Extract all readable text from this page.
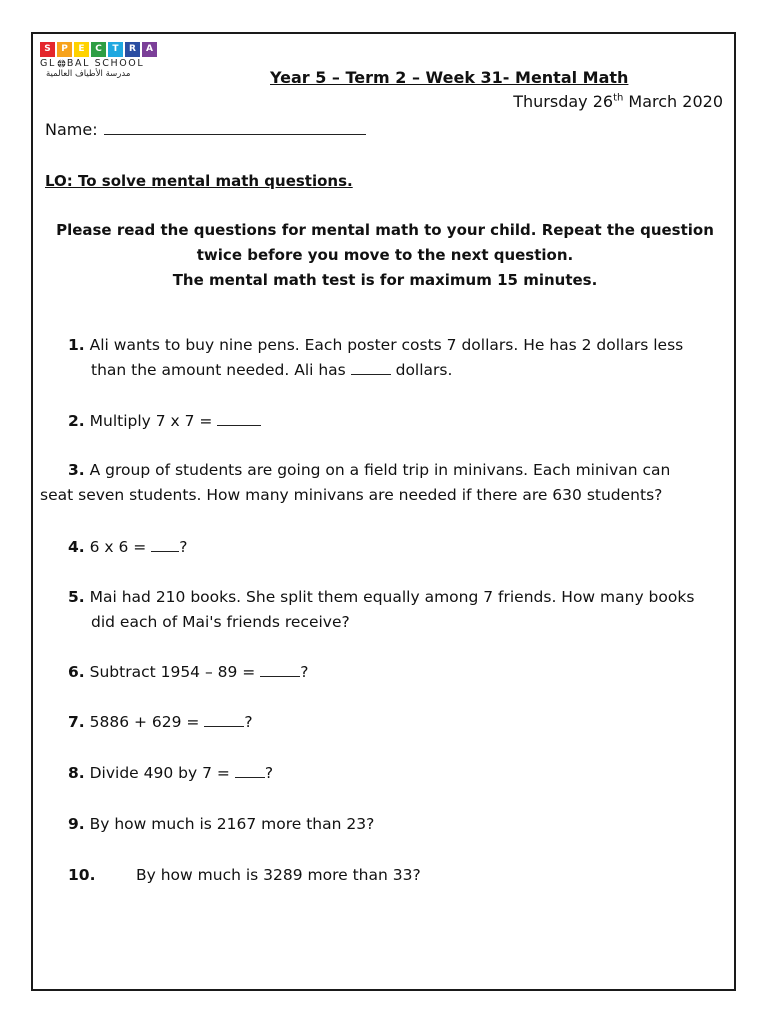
S	P	E	C	T	R	A
GL BAL SCHOOL
مدرسة الأطياف العالمية	Year 5 – Term 2 – Week 31- Mental Math
Thursday 26th March 2020
Name:
LO: To solve mental math questions.
Please read the questions for mental math to your child. Repeat the question
twice before you move to the next question.
The mental math test is for maximum 15 minutes.
1. Ali wants to buy nine pens. Each poster costs 7 dollars. He has 2 dollars less
than the amount needed. Ali has	dollars.
2. Multiply 7 x 7 =
3. A group of students are going on a field trip in minivans. Each minivan can
seat seven students. How many minivans are needed if there are 630 students?
4. 6 x 6 = ?
5. Mai had 210 books. She split them equally among 7 friends. How many books
did each of Mai's friends receive?
6. Subtract 1954 – 89 =	?
7. 5886 + 629 =	?
8. Divide 490 by 7 = ?
9. By how much is 2167 more than 23?
10.	By how much is 3289 more than 33?
